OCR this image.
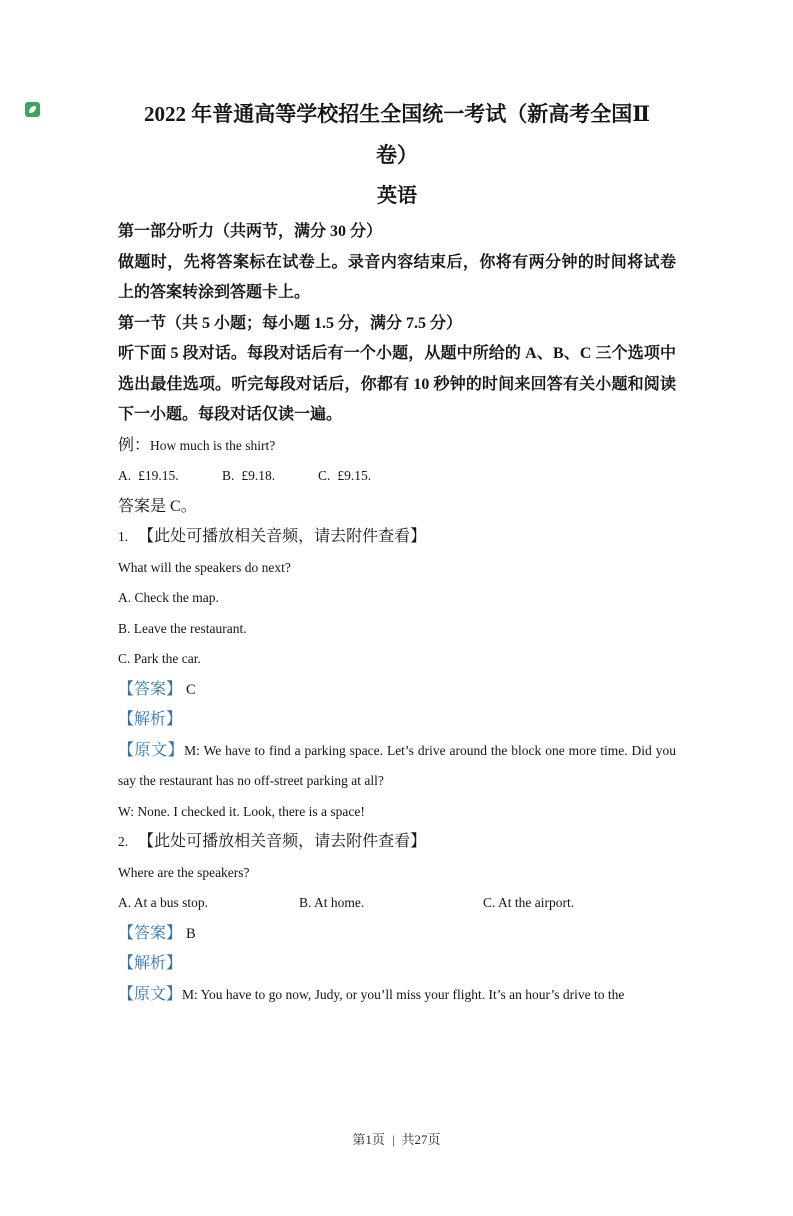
2022 年普通高等学校招生全国统一考试（新高考全国Ⅱ
卷）
英语

第一部分听力（共两节，满分 30 分）

做题时，先将答案标在试卷上。录音内容结束后，你将有两分钟的时间将试卷上的答案转涂到答题卡上。

第一节（共 5 小题；每小题 1.5 分，满分 7.5 分）

听下面 5 段对话。每段对话后有一个小题，从题中所给的 A、B、C 三个选项中选出最佳选项。听完每段对话后，你都有 10 秒钟的时间来回答有关小题和阅读下一小题。每段对话仅读一遍。

例：How much is the shirt?

A. £19.15.	B. £9.18.	C. £9.15.

答案是 C。

1. 【此处可播放相关音频，请去附件查看】

What will the speakers do next?

A. Check the map.

B. Leave the restaurant.

C. Park the car.

【答案】 C

【解析】

【原文】M: We have to find a parking space. Let’s drive around the block one more time. Did you say the restaurant has no off-street parking at all?

W: None. I checked it. Look, there is a space!

2. 【此处可播放相关音频，请去附件查看】

Where are the speakers?

A. At a bus stop.	B. At home.	C. At the airport.

【答案】 B

【解析】

【原文】M: You have to go now, Judy, or you’ll miss your flight. It’s an hour’s drive to the

第1页 | 共27页
